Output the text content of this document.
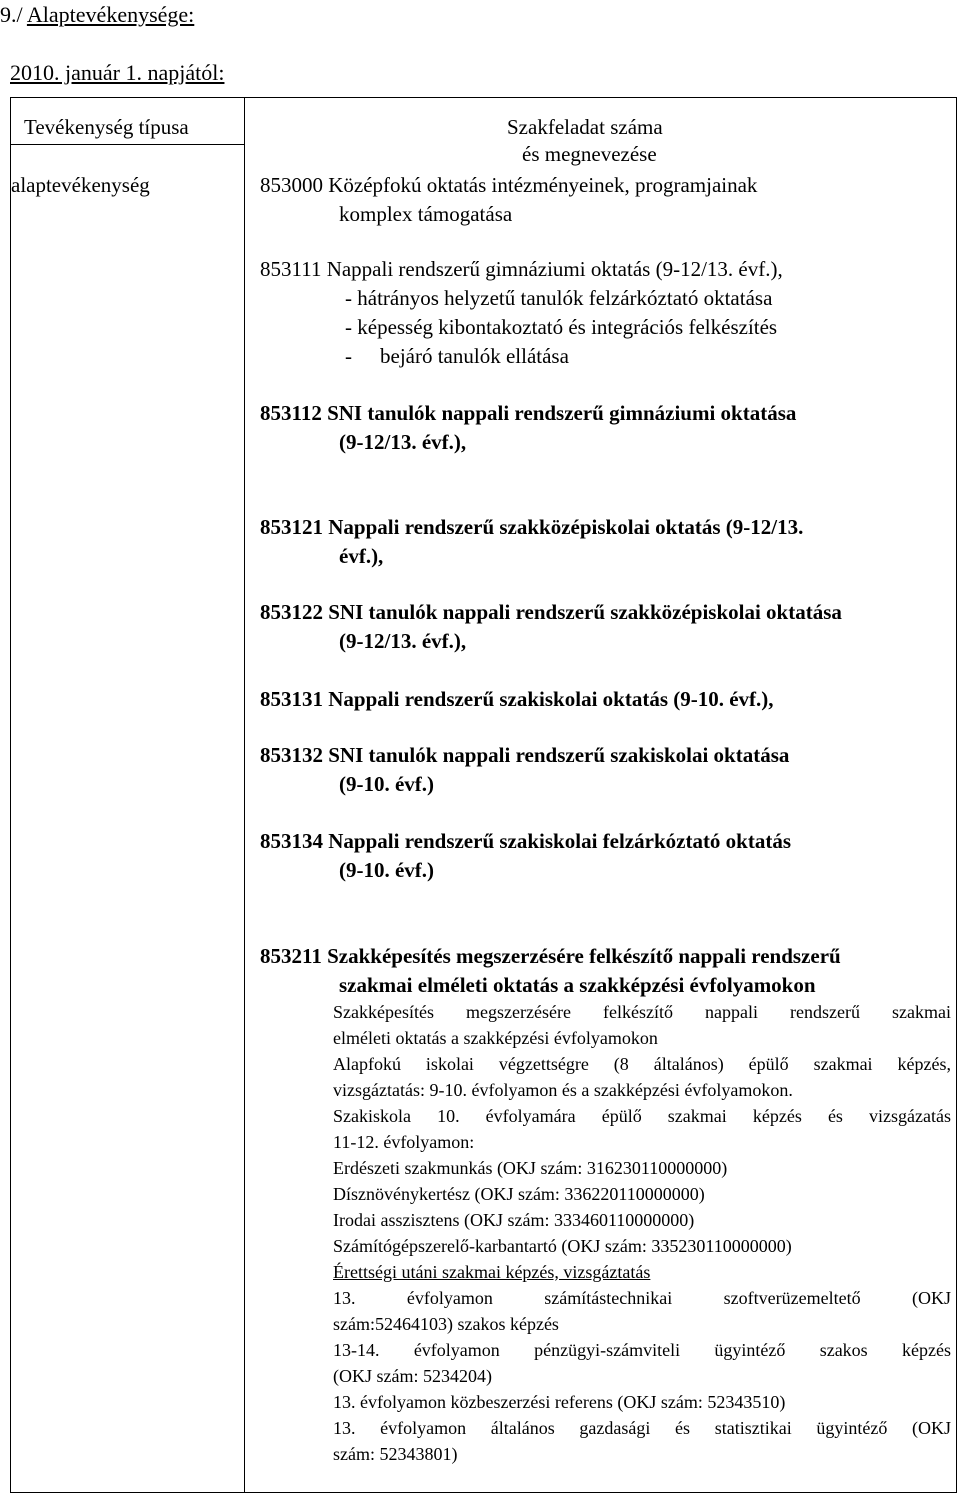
9./ Alaptevékenysége:
2010. január 1. napjától:
Tevékenység típusa
alaptevékenység
Szakfeladat száma
és megnevezése
853000 Középfokú oktatás intézményeinek, programjainak
komplex támogatása
853111 Nappali rendszerű gimnáziumi oktatás (9-12/13. évf.),
- hátrányos helyzetű tanulók felzárkóztató oktatása
- képesség kibontakoztató és integrációs felkészítés
- bejáró tanulók ellátása
853112 SNI tanulók nappali rendszerű gimnáziumi oktatása
(9-12/13. évf.),
853121 Nappali rendszerű szakközépiskolai oktatás (9-12/13.
évf.),
853122 SNI tanulók nappali rendszerű szakközépiskolai oktatása
(9-12/13. évf.),
853131 Nappali rendszerű szakiskolai oktatás (9-10. évf.),
853132 SNI tanulók nappali rendszerű szakiskolai oktatása
(9-10. évf.)
853134 Nappali rendszerű szakiskolai felzárkóztató oktatás
(9-10. évf.)
853211 Szakképesítés megszerzésére felkészítő nappali rendszerű
szakmai elméleti oktatás a szakképzési évfolyamokon
Szakképesítés megszerzésére felkészítő nappali rendszerű szakmai
elméleti oktatás a szakképzési évfolyamokon
Alapfokú iskolai végzettségre (8 általános) épülő szakmai képzés,
vizsgáztatás: 9-10. évfolyamon és a szakképzési évfolyamokon.
Szakiskola 10. évfolyamára épülő szakmai képzés és vizsgázatás
11-12. évfolyamon:
Erdészeti szakmunkás (OKJ szám: 316230110000000)
Dísznövénykertész (OKJ szám: 336220110000000)
Irodai asszisztens (OKJ szám: 333460110000000)
Számítógépszerelő-karbantartó (OKJ szám: 335230110000000)
Érettségi utáni szakmai képzés, vizsgáztatás
13. évfolyamon számítástechnikai szoftverüzemeltető (OKJ
szám:52464103) szakos képzés
13-14. évfolyamon pénzügyi-számviteli ügyintéző szakos képzés
(OKJ szám: 5234204)
13. évfolyamon közbeszerzési referens (OKJ szám: 52343510)
13. évfolyamon általános gazdasági és statisztikai ügyintéző (OKJ
szám: 52343801)
